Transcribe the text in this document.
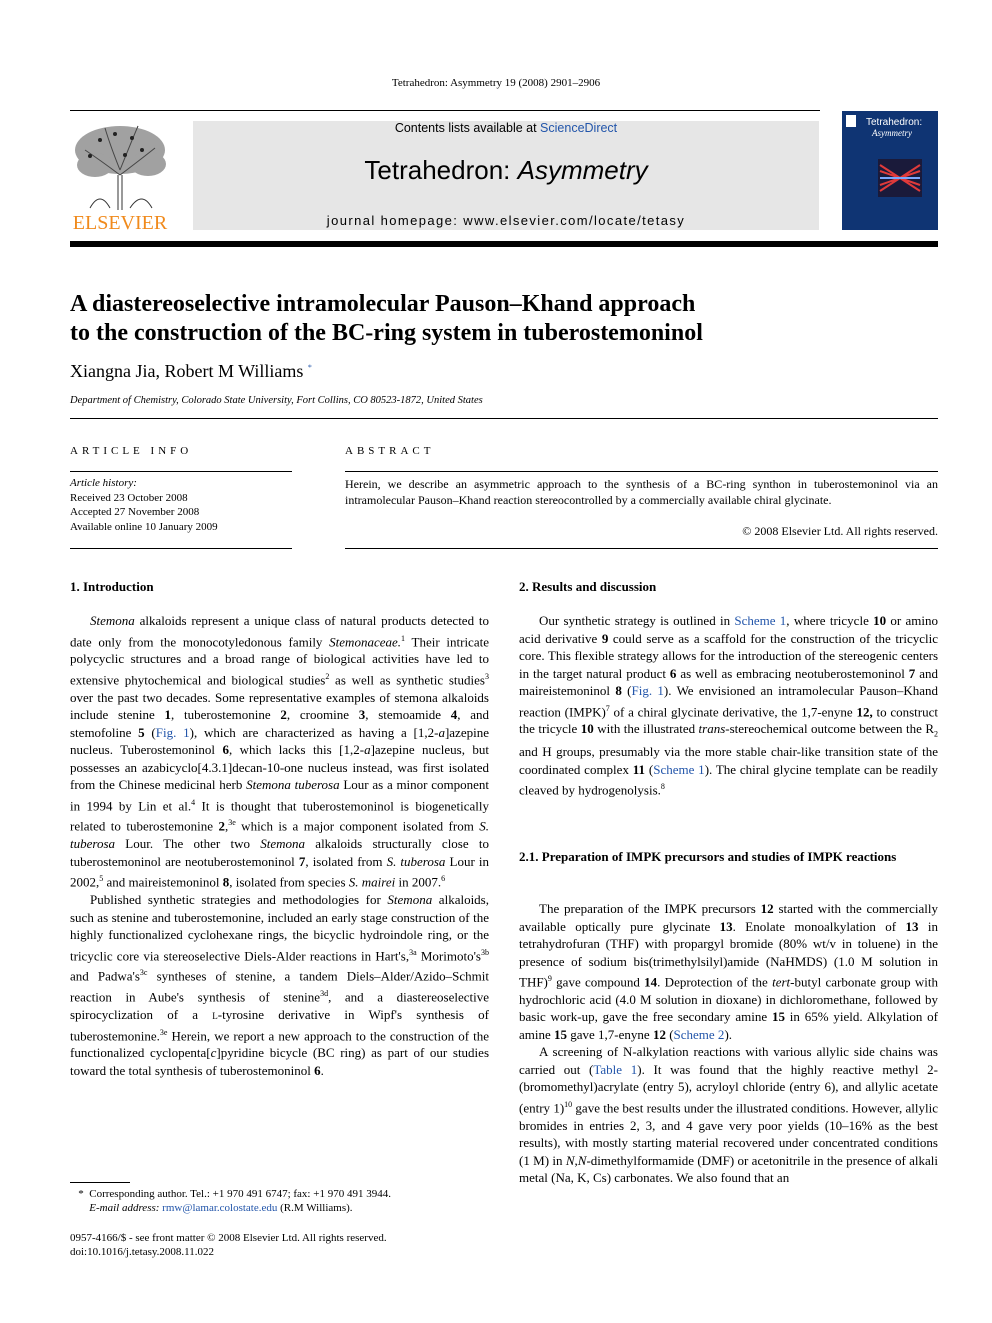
Tetrahedron: Asymmetry 19 (2008) 2901–2906
Contents lists available at ScienceDirect
Tetrahedron: Asymmetry
journal homepage: www.elsevier.com/locate/tetasy
ELSEVIER
Tetrahedron:
Asymmetry
A diastereoselective intramolecular Pauson–Khand approach
to the construction of the BC-ring system in tuberostemoninol
Xiangna Jia, Robert M Williams *
Department of Chemistry, Colorado State University, Fort Collins, CO 80523-1872, United States
ARTICLE INFO	ABSTRACT
Article history:
Received 23 October 2008
Accepted 27 November 2008
Available online 10 January 2009
Herein, we describe an asymmetric approach to the synthesis of a BC-ring synthon in tuberostemoninol via an intramolecular Pauson–Khand reaction stereocontrolled by a commercially available chiral glycinate.
© 2008 Elsevier Ltd. All rights reserved.
1. Introduction

Stemona alkaloids represent a unique class of natural products detected to date only from the monocotyledonous family Stemonaceae.$^1$ Their intricate polycyclic structures and a broad range of biological activities have led to extensive phytochemical and biological studies$^2$ as well as synthetic studies$^3$ over the past two decades. Some representative examples of stemona alkaloids include stenine 1, tuberostemonine 2, croomine 3, stemoamide 4, and stemofoline 5 (Fig. 1), which are characterized as having a [1,2-a]azepine nucleus. Tuberostemoninol 6, which lacks this [1,2-a]azepine nucleus, but possesses an azabicyclo[4.3.1]decan-10-one nucleus instead, was first isolated from the Chinese medicinal herb Stemona tuberosa Lour as a minor component in 1994 by Lin et al.$^4$ It is thought that tuberostemoninol is biogenetically related to tuberostemonine 2,$^{3e}$ which is a major component isolated from S. tuberosa Lour. The other two Stemona alkaloids structurally close to tuberostemoninol are neotuberostemoninol 7, isolated from S. tuberosa Lour in 2002,$^5$ and maireistemoninol 8, isolated from species S. mairei in 2007.$^6$

Published synthetic strategies and methodologies for Stemona alkaloids, such as stenine and tuberostemonine, included an early stage construction of the highly functionalized cyclohexane rings, the bicyclic hydroindole ring, or the tricyclic core via stereoselective Diels-Alder reactions in Hart's,$^{3a}$ $Morimoto's^{3b}$ and $Padwa's^{3c}$ syntheses of stenine, a tandem Diels–Alder/Azido–Schmit reaction in Aube's synthesis of stenine$^{3d}$, and a diastereoselective spirocyclization of a l-tyrosine derivative in Wipf's synthesis of tuberostemonine.$^{3e}$ Herein, we report a new approach to the construction of the functionalized cyclopenta[c]pyridine bicycle (BC ring) as part of our studies toward the total synthesis of tuberostemoninol 6.

2. Results and discussion

Our synthetic strategy is outlined in Scheme 1, where tricycle 10 or amino acid derivative 9 could serve as a scaffold for the construction of the tricyclic core. This flexible strategy allows for the introduction of the stereogenic centers in the target natural product 6 as well as embracing neotuberostemoninol 7 and maireistemoninol 8 (Fig. 1). We envisioned an intramolecular Pauson–Khand reaction (IMPK)$^7$ of a chiral glycinate derivative, the 1,7-enyne 12, to construct the tricycle 10 with the illustrated trans-stereochemical outcome between the $R_2$ and H groups, presumably via the more stable chair-like transition state of the coordinated complex 11 (Scheme 1). The chiral glycine template can be readily cleaved by hydrogenolysis.$^8$

2.1. Preparation of IMPK precursors and studies of IMPK reactions

The preparation of the IMPK precursors 12 started with the commercially available optically pure glycinate 13. Enolate monoalkylation of 13 in tetrahydrofuran (THF) with propargyl bromide (80% wt/v in toluene) in the presence of sodium bis(trimethylsilyl)amide (NaHMDS) (1.0 M solution in THF)$^9$ gave compound 14. Deprotection of the tert-butyl carbonate group with hydrochloric acid (4.0 M solution in dioxane) in dichloromethane, followed by basic work-up, gave the free secondary amine 15 in 65% yield. Alkylation of amine 15 gave 1,7-enyne 12 (Scheme 2).

A screening of N-alkylation reactions with various allylic side chains was carried out (Table 1). It was found that the highly reactive methyl 2-(bromomethyl)acrylate (entry 5), acryloyl chloride (entry 6), and allylic acetate (entry 1)$^{10}$ gave the best results under the illustrated conditions. However, allylic bromides in entries 2, 3, and 4 gave very poor yields (10–16% as the best results), with mostly starting material recovered under concentrated conditions (1 M) in N,N-dimethylformamide (DMF) or acetonitrile in the presence of alkali metal (Na, K, Cs) carbonates. We also found that an

*  Corresponding author. Tel.: +1 970 491 6747; fax: +1 970 491 3944.
E-mail address: rmw@lamar.colostate.edu (R.M Williams).
0957-4166/$ - see front matter © 2008 Elsevier Ltd. All rights reserved.
doi:10.1016/j.tetasy.2008.11.022
